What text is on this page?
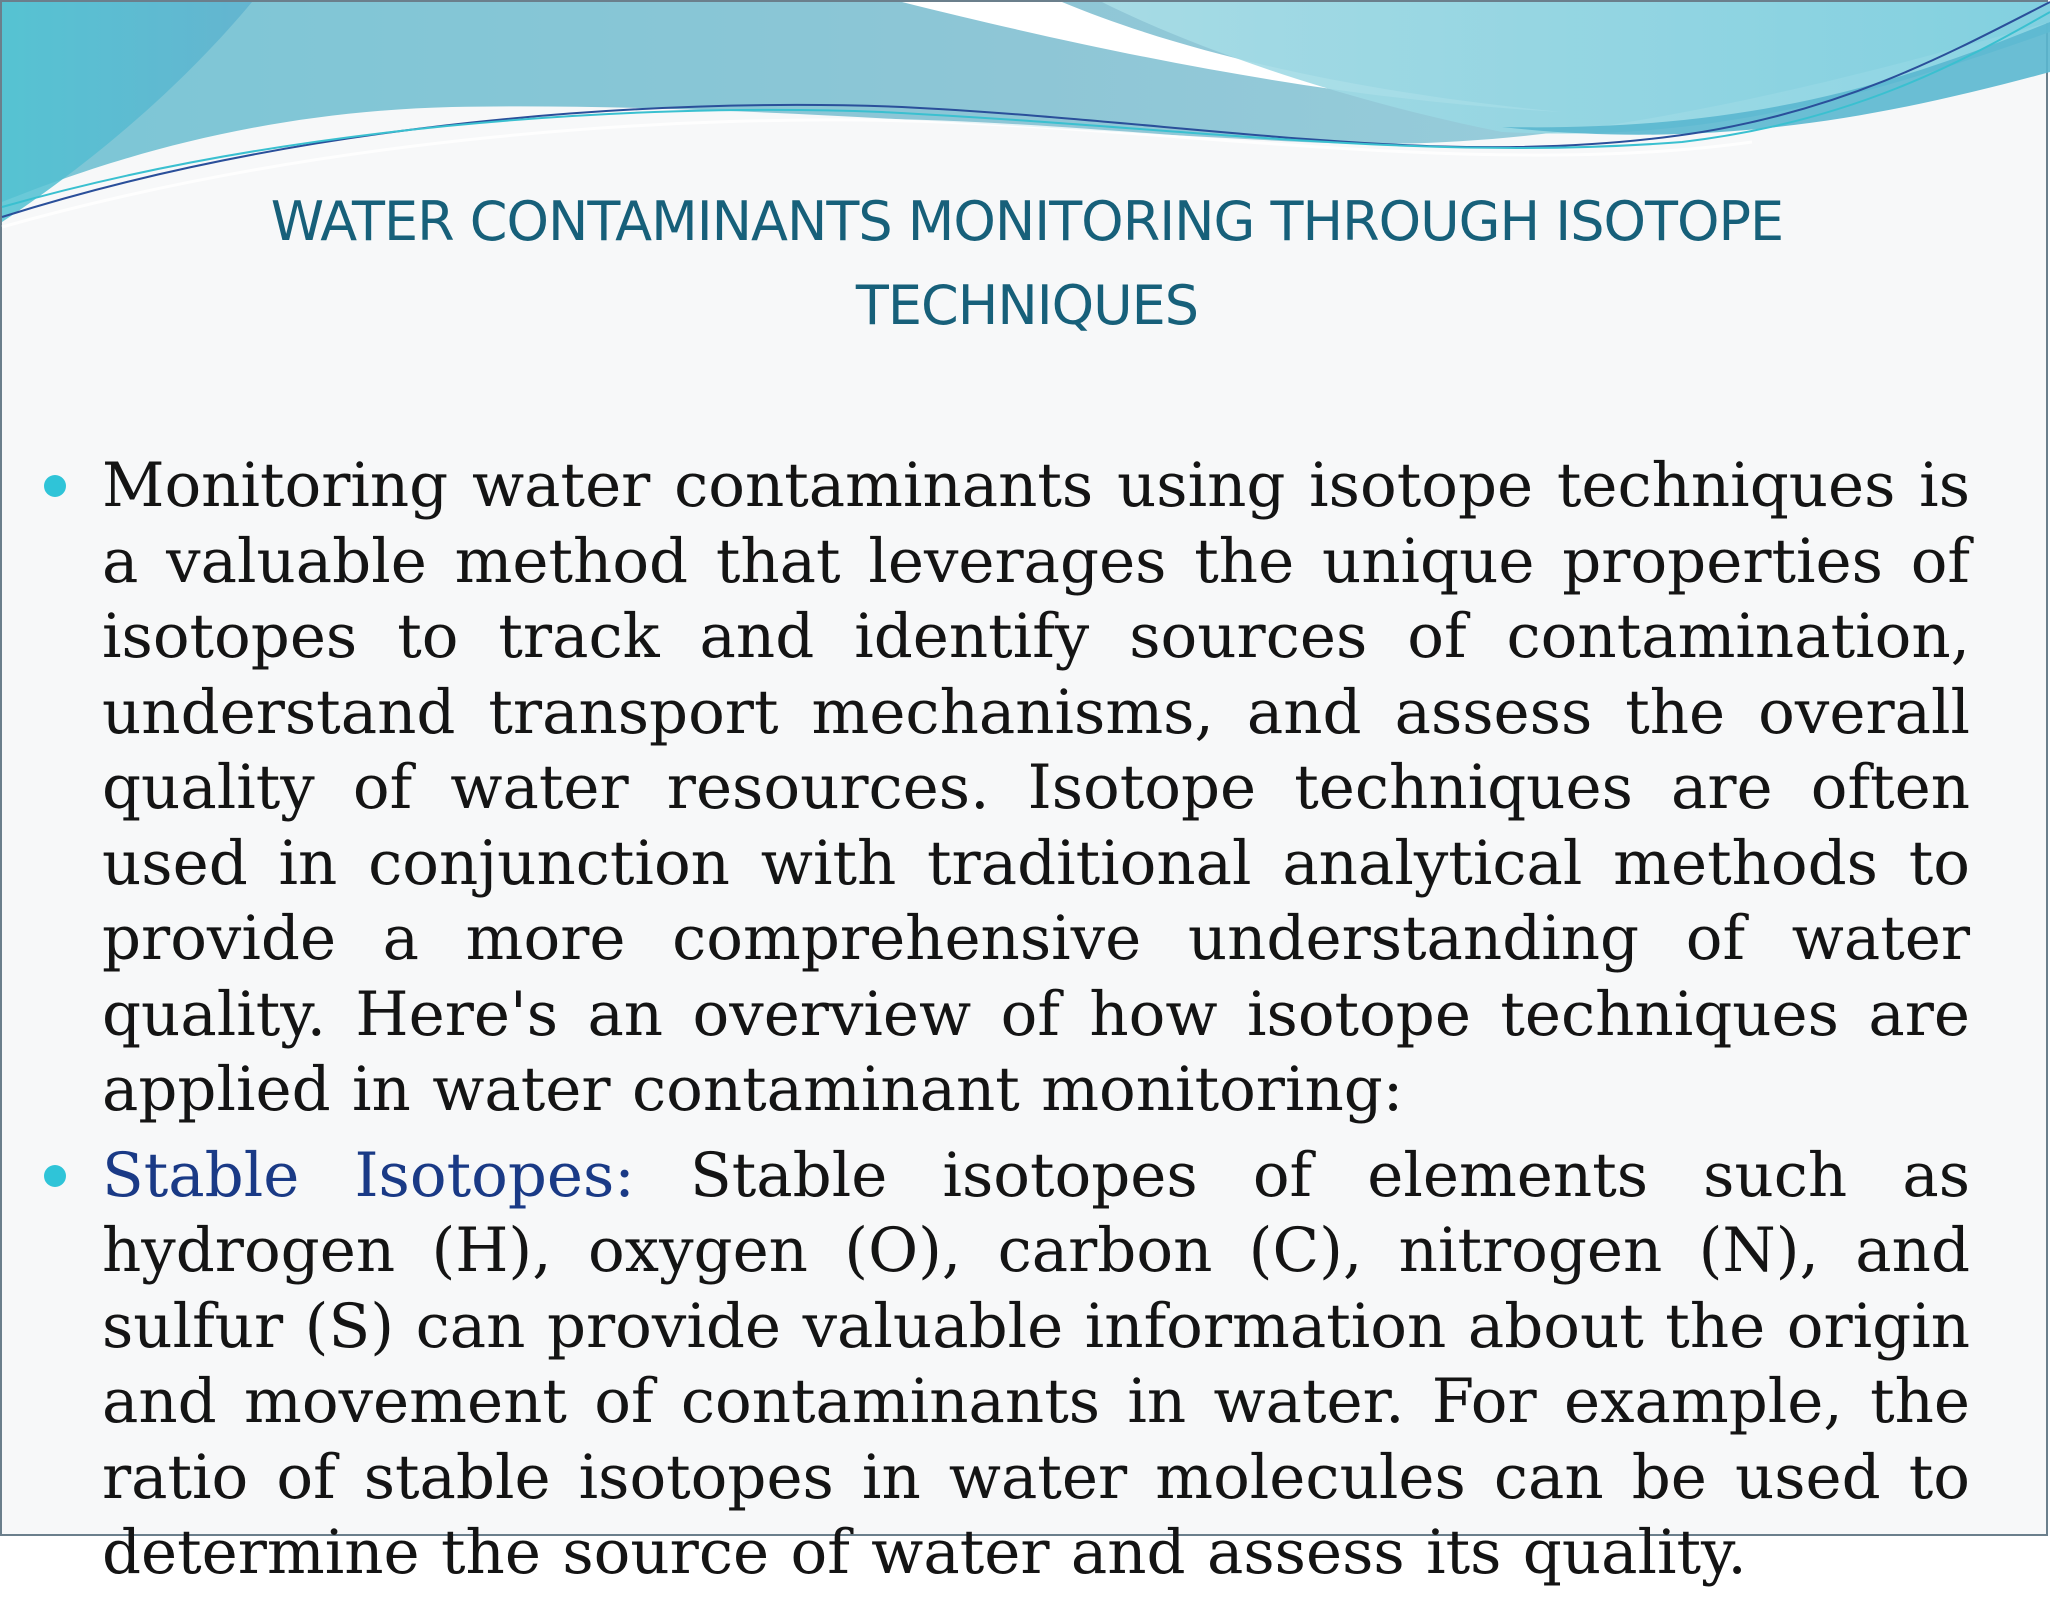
WATER CONTAMINANTS MONITORING THROUGH ISOTOPE TECHNIQUES
Monitoring water contaminants using isotope techniques is a valuable method that leverages the unique properties of isotopes to track and identify sources of contamination, understand transport mechanisms, and assess the overall quality of water resources. Isotope techniques are often used in conjunction with traditional analytical methods to provide a more comprehensive understanding of water quality. Here's an overview of how isotope techniques are applied in water contaminant monitoring:
Stable Isotopes: Stable isotopes of elements such as hydrogen (H), oxygen (O), carbon (C), nitrogen (N), and sulfur (S) can provide valuable information about the origin and movement of contaminants in water. For example, the ratio of stable isotopes in water molecules can be used to determine the source of water and assess its quality.
